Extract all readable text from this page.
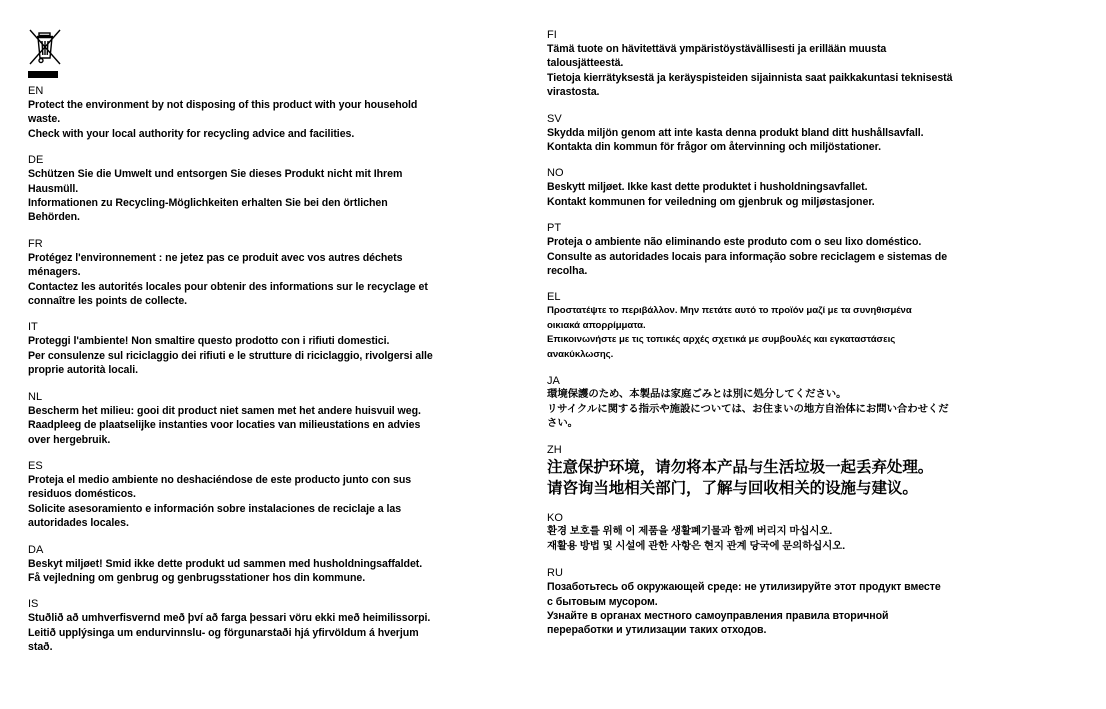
EN
Protect the environment by not disposing of this product with your household
waste.
Check with your local authority for recycling advice and facilities.
DE
Schützen Sie die Umwelt und entsorgen Sie dieses Produkt nicht mit Ihrem
Hausmüll.
Informationen zu Recycling-Möglichkeiten erhalten Sie bei den örtlichen
Behörden.
FR
Protégez l'environnement : ne jetez pas ce produit avec vos autres déchets
ménagers.
Contactez les autorités locales pour obtenir des informations sur le recyclage et
connaître les points de collecte.
IT
Proteggi l'ambiente! Non smaltire questo prodotto con i rifiuti domestici.
Per consulenze sul riciclaggio dei rifiuti e le strutture di riciclaggio, rivolgersi alle
proprie autorità locali.
NL
Bescherm het milieu: gooi dit product niet samen met het andere huisvuil weg.
Raadpleeg de plaatselijke instanties voor locaties van milieustations en advies
over hergebruik.
ES
Proteja el medio ambiente no deshaciéndose de este producto junto con sus
residuos domésticos.
Solicite asesoramiento e información sobre instalaciones de reciclaje a las
autoridades locales.
DA
Beskyt miljøet! Smid ikke dette produkt ud sammen med husholdningsaffaldet.
Få vejledning om genbrug og genbrugsstationer hos din kommune.
IS
Stuðlið að umhverfisvernd með því að farga þessari vöru ekki með heimilissorpi.
Leitið upplýsinga um endurvinnslu- og förgunarstaði hjá yfirvöldum á hverjum
stað.
FI
Tämä tuote on hävitettävä ympäristöystävällisesti ja erillään muusta
talousjätteestä.
Tietoja kierrätyksestä ja keräyspisteiden sijainnista saat paikkakuntasi teknisestä
virastosta.
SV
Skydda miljön genom att inte kasta denna produkt bland ditt hushållsavfall.
Kontakta din kommun för frågor om återvinning och miljöstationer.
NO
Beskytt miljøet. Ikke kast dette produktet i husholdningsavfallet.
Kontakt kommunen for veiledning om gjenbruk og miljøstasjoner.
PT
Proteja o ambiente não eliminando este produto com o seu lixo doméstico.
Consulte as autoridades locais para informação sobre reciclagem e sistemas de
recolha.
EL
Προστατέψτε το περιβάλλον. Μην πετάτε αυτό το προϊόν μαζί με τα συνηθισμένα
οικιακά απορρίμματα.
Επικοινωνήστε με τις τοπικές αρχές σχετικά με συμβουλές και εγκαταστάσεις
ανακύκλωσης.
JA
環境保護のため、本製品は家庭ごみとは別に処分してください。
リサイクルに関する指示や施設については、お住まいの地方自治体にお問い合わせくだ
さい。
ZH
注意保护环境，请勿将本产品与生活垃圾一起丢弃处理。
请咨询当地相关部门，了解与回收相关的设施与建议。
KO
환경 보호를 위해 이 제품을 생활폐기물과 함께 버리지 마십시오.
재활용 방법 및 시설에 관한 사항은 현지 관계 당국에 문의하십시오.
RU
Позаботьтесь об окружающей среде: не утилизируйте этот продукт вместе
с бытовым мусором.
Узнайте в органах местного самоуправления правила вторичной
переработки и утилизации таких отходов.
